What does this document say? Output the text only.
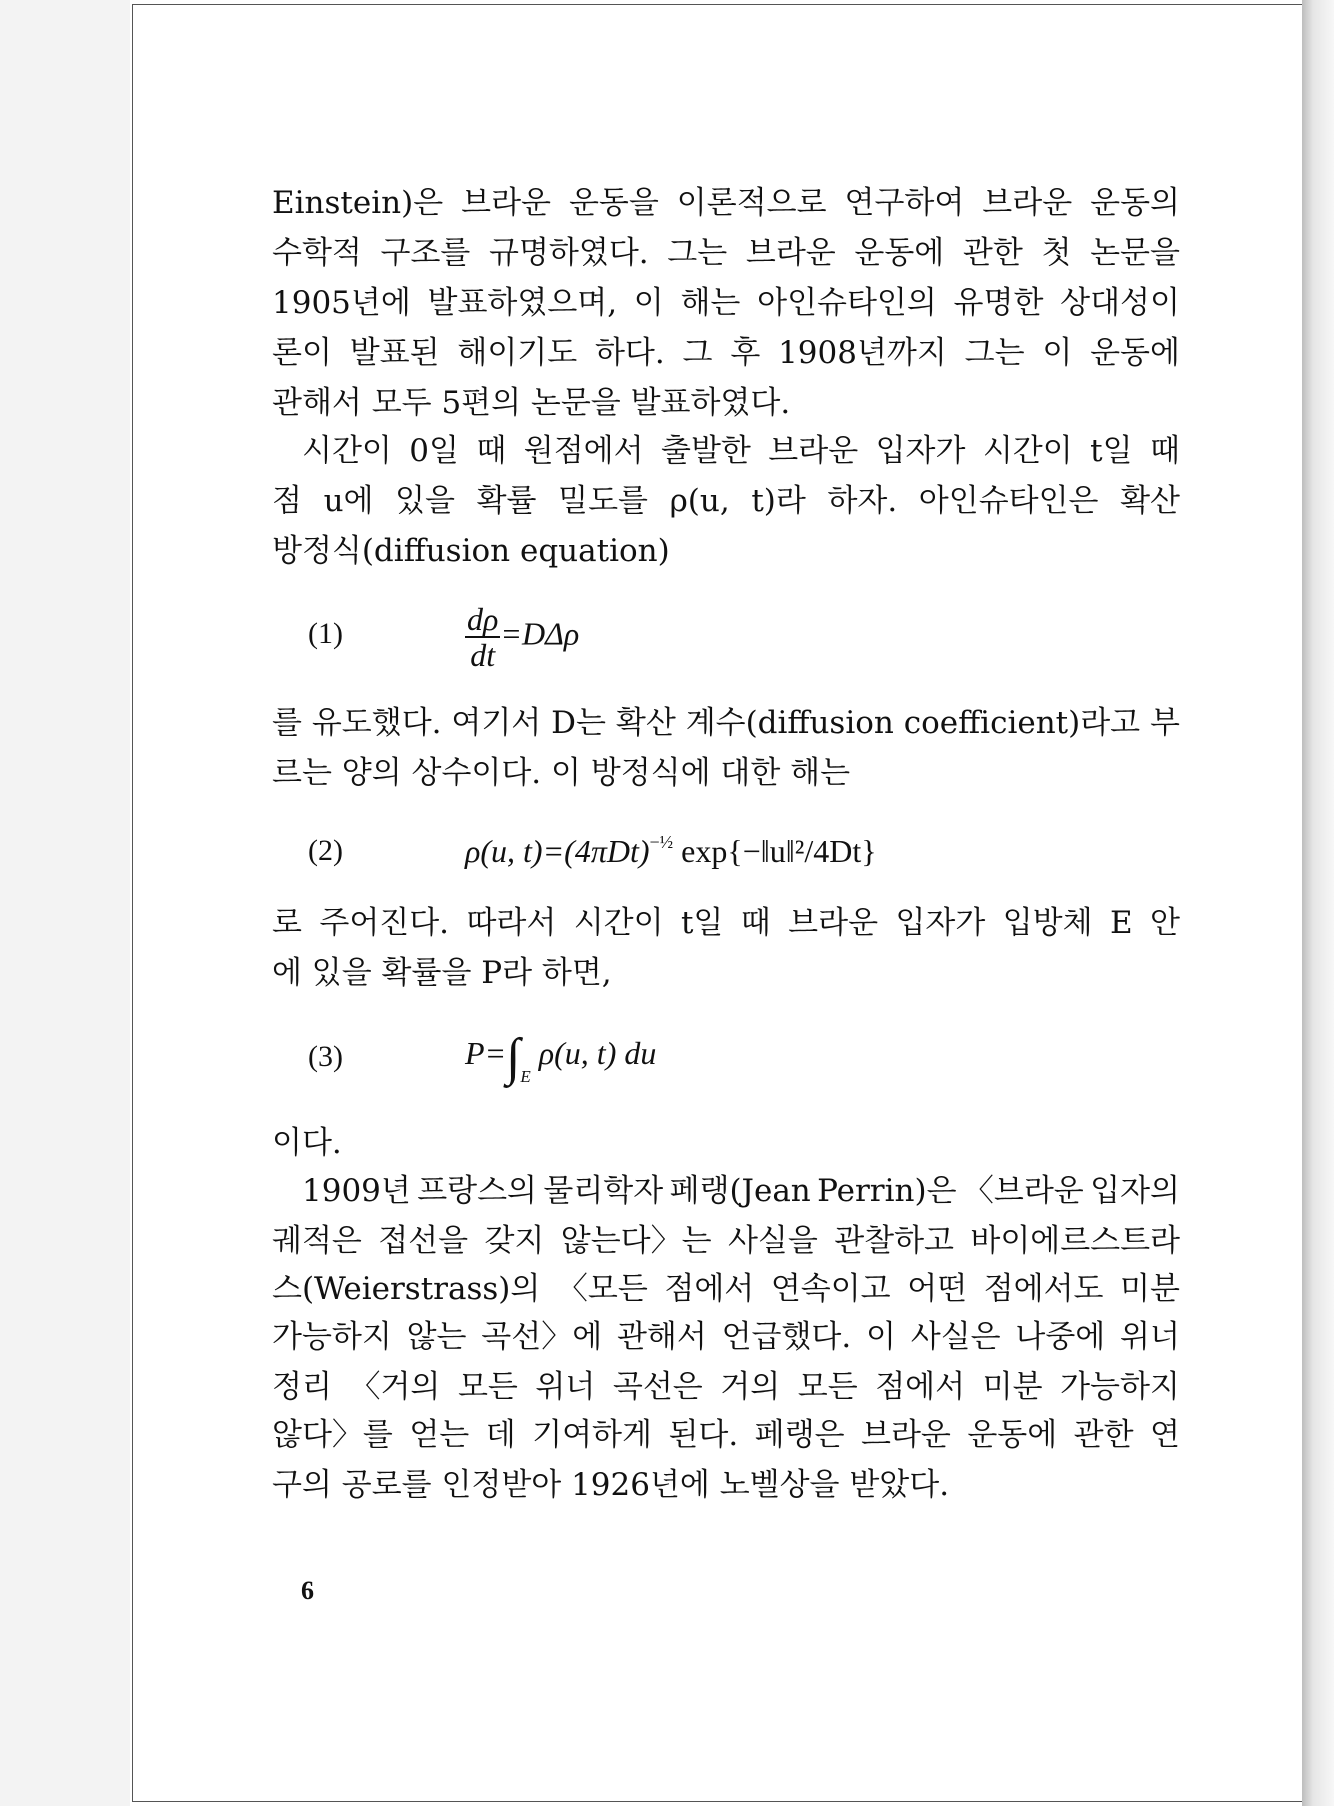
Einstein)은 브라운 운동을 이론적으로 연구하여 브라운 운동의
수학적 구조를 규명하였다. 그는 브라운 운동에 관한 첫 논문을
1905년에 발표하였으며, 이 해는 아인슈타인의 유명한 상대성이
론이 발표된 해이기도 하다. 그 후 1908년까지 그는 이 운동에
관해서 모두 5편의 논문을 발표하였다.
시간이 0일 때 원점에서 출발한 브라운 입자가 시간이 t일 때
점 u에 있을 확률 밀도를 ρ(u, t)라 하자. 아인슈타인은 확산
방정식(diffusion equation)
(1)	$\frac{d\rho}{dt} =D\Delta\rho$
를 유도했다. 여기서 D는 확산 계수(diffusion coefficient)라고 부
르는 양의 상수이다. 이 방정식에 대한 해는
(2)	ρ(u, $t)=(4\pi Dt)^{-\frac{1}{2}}$ exp{−‖u‖²/4Dt}
로 주어진다. 따라서 시간이 t일 때 브라운 입자가 입방체 E 안
에 있을 확률을 P라 하면,
(3)	$P=\int_E$ ρ(u, t) du
이다.
1909년 프랑스의 물리학자 페랭(Jean Perrin)은 〈브라운 입자의
궤적은 접선을 갖지 않는다〉는 사실을 관찰하고 바이에르스트라
스(Weierstrass)의 〈모든 점에서 연속이고 어떤 점에서도 미분
가능하지 않는 곡선〉에 관해서 언급했다. 이 사실은 나중에 위너
정리 〈거의 모든 위너 곡선은 거의 모든 점에서 미분 가능하지
않다〉를 얻는 데 기여하게 된다. 페랭은 브라운 운동에 관한 연
구의 공로를 인정받아 1926년에 노벨상을 받았다.
6
